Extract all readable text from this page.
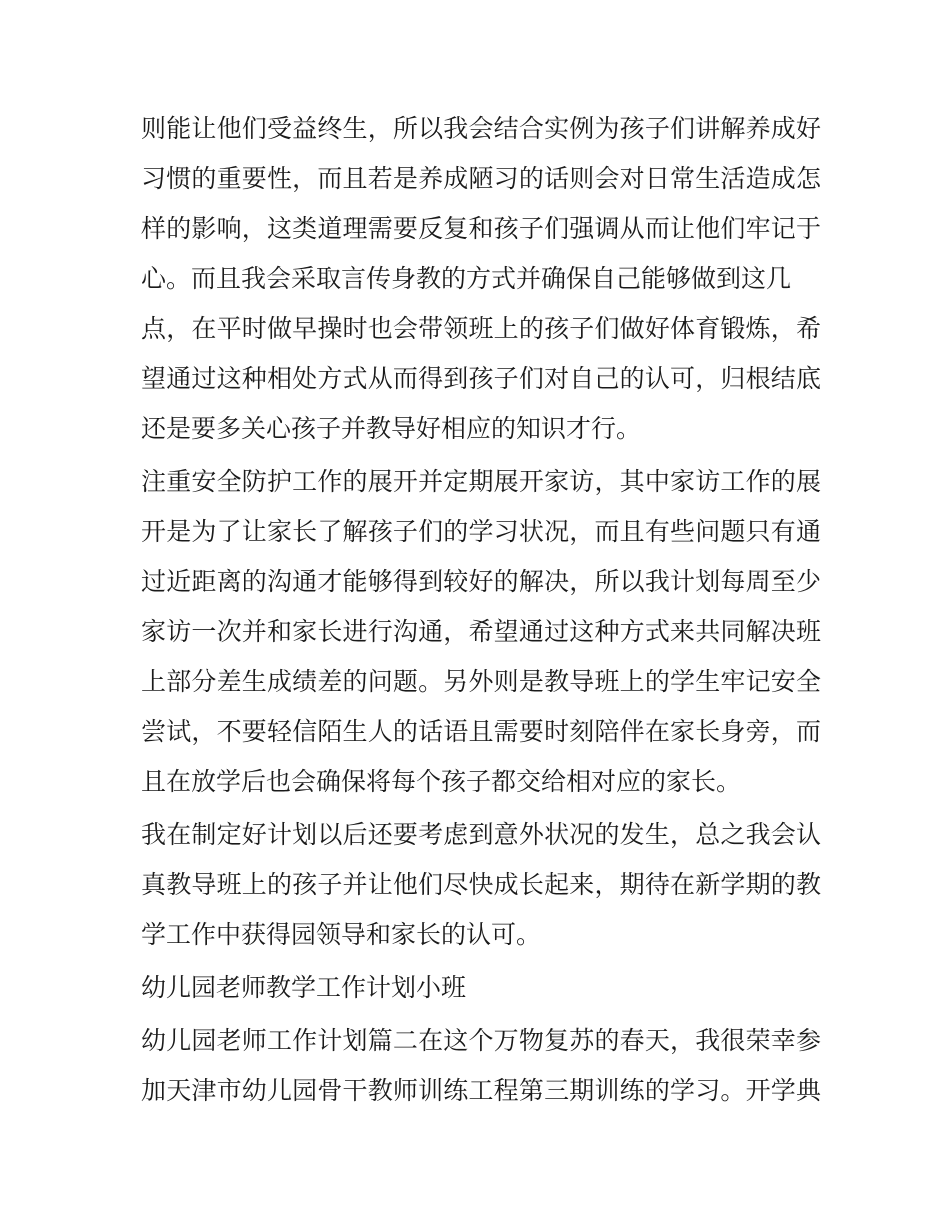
则能让他们受益终生，所以我会结合实例为孩子们讲解养成好
习惯的重要性，而且若是养成陋习的话则会对日常生活造成怎
样的影响，这类道理需要反复和孩子们强调从而让他们牢记于
心。而且我会采取言传身教的方式并确保自己能够做到这几
点，在平时做早操时也会带领班上的孩子们做好体育锻炼，希
望通过这种相处方式从而得到孩子们对自己的认可，归根结底
还是要多关心孩子并教导好相应的知识才行。
注重安全防护工作的展开并定期展开家访，其中家访工作的展
开是为了让家长了解孩子们的学习状况，而且有些问题只有通
过近距离的沟通才能够得到较好的解决，所以我计划每周至少
家访一次并和家长进行沟通，希望通过这种方式来共同解决班
上部分差生成绩差的问题。另外则是教导班上的学生牢记安全
尝试，不要轻信陌生人的话语且需要时刻陪伴在家长身旁，而
且在放学后也会确保将每个孩子都交给相对应的家长。
我在制定好计划以后还要考虑到意外状况的发生，总之我会认
真教导班上的孩子并让他们尽快成长起来，期待在新学期的教
学工作中获得园领导和家长的认可。
幼儿园老师教学工作计划小班
幼儿园老师工作计划篇二在这个万物复苏的春天，我很荣幸参
加天津市幼儿园骨干教师训练工程第三期训练的学习。开学典
